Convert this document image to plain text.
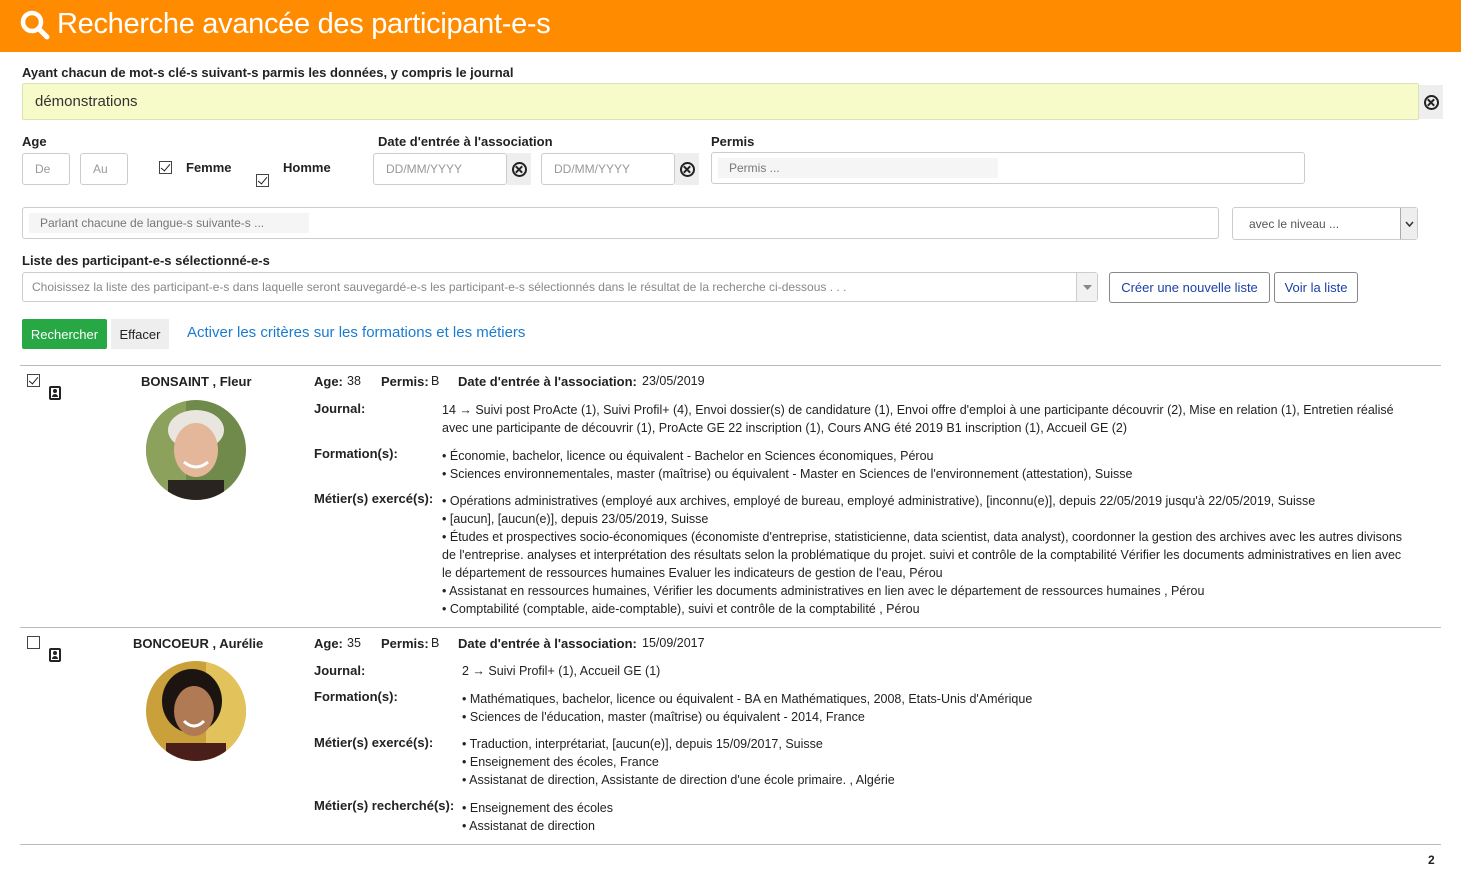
Recherche avancée des participant-e-s
Ayant chacun de mot-s clé-s suivant-s parmis les données, y compris le journal
démonstrations
Age
De	Au	Femme	Homme
Date d'entrée à l'association
DD/MM/YYYY	DD/MM/YYYY
Permis
Permis ...
Parlant chacune de langue-s suivante-s ...	avec le niveau ...
Liste des participant-e-s sélectionné-e-s
Choisissez la liste des participant-e-s dans laquelle seront sauvegardé-e-s les participant-e-s sélectionnés dans le résultat de la recherche ci-dessous . . .	Créer une nouvelle liste	Voir la liste
Rechercher	Effacer	Activer les critères sur les formations et les métiers
BONSAINT , Fleur	Age: 38 Permis: B Date d'entrée à l'association: 23/05/2019
Journal:	14 → Suivi post ProActe (1), Suivi Profil+ (4), Envoi dossier(s) de candidature (1), Envoi offre d'emploi à une participante découvrir (2), Mise en relation (1), Entretien réalisé avec une participante de découvrir (1), ProActe GE 22 inscription (1), Cours ANG été 2019 B1 inscription (1), Accueil GE (2)
Formation(s):	• Économie, bachelor, licence ou équivalent - Bachelor en Sciences économiques, Pérou
• Sciences environnementales, master (maîtrise) ou équivalent - Master en Sciences de l'environnement (attestation), Suisse
Métier(s) exercé(s):	• Opérations administratives (employé aux archives, employé de bureau, employé administrative), [inconnu(e)], depuis 22/05/2019 jusqu'à 22/05/2019, Suisse
• [aucun], [aucun(e)], depuis 23/05/2019, Suisse
• Études et prospectives socio-économiques (économiste d'entreprise, statisticienne, data scientist, data analyst), coordonner la gestion des archives avec les autres divisons de l'entreprise. analyses et interprétation des résultats selon la problématique du projet. suivi et contrôle de la comptabilité Vérifier les documents administratives en lien avec le département de ressources humaines Evaluer les indicateurs de gestion de l'eau, Pérou
• Assistanat en ressources humaines, Vérifier les documents administratives en lien avec le département de ressources humaines , Pérou
• Comptabilité (comptable, aide-comptable), suivi et contrôle de la comptabilité , Pérou
BONCOEUR , Aurélie	Age: 35 Permis: B Date d'entrée à l'association: 15/09/2017
Journal:	2 → Suivi Profil+ (1), Accueil GE (1)
Formation(s):	• Mathématiques, bachelor, licence ou équivalent - BA en Mathématiques, 2008, Etats-Unis d'Amérique
• Sciences de l'éducation, master (maîtrise) ou équivalent - 2014, France
Métier(s) exercé(s):	• Traduction, interprétariat, [aucun(e)], depuis 15/09/2017, Suisse
• Enseignement des écoles, France
• Assistanat de direction, Assistante de direction d'une école primaire. , Algérie
Métier(s) recherché(s):	• Enseignement des écoles
• Assistanat de direction
2
